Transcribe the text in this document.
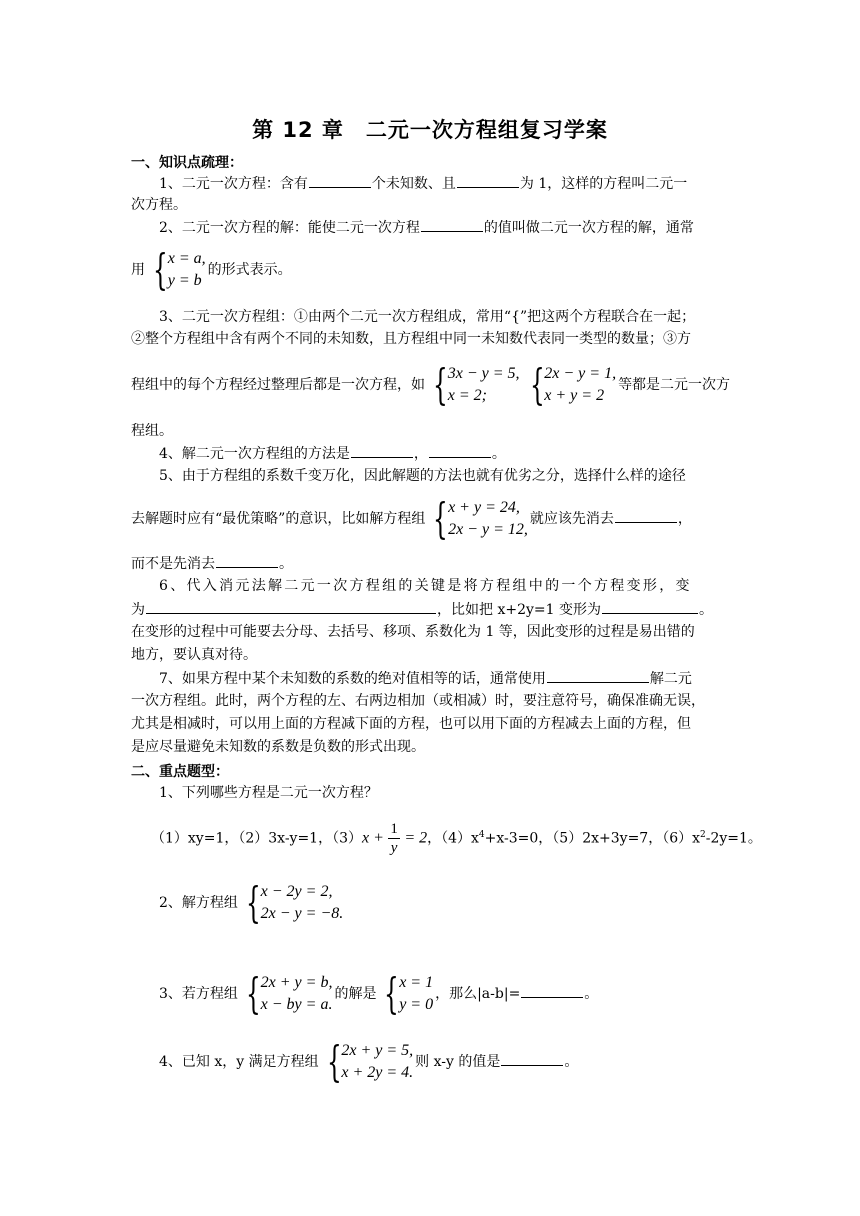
第 12 章　二元一次方程组复习学案
一、知识点疏理：
1、二元一次方程：含有	个未知数、且	为 1，这样的方程叫二元一
次方程。
2、二元一次方程的解：能使二元一次方程	的值叫做二元一次方程的解，通常
用 { x = a,
y = b
的形式表示。
3、二元一次方程组：①由两个二元一次方程组成，常用“{”把这两个方程联合在一起；
②整个方程组中含有两个不同的未知数，且方程组中同一未知数代表同一类型的数量；③方
程组中的每个方程经过整理后都是一次方程，如 { 3x − y = 5,
x = 2;	{ 2x − y = 1,
x + y = 2
等都是二元一次方
程组。
4、解二元一次方程组的方法是	，	。
5、由于方程组的系数千变万化，因此解题的方法也就有优劣之分，选择什么样的途径
去解题时应有“最优策略”的意识，比如解方程组 { x + y = 24,
2x − y = 12,
就应该先消去	，
而不是先消去	。
6、代入消元法解二元一次方程组的关键是将方程组中的一个方程变形，变
为	，比如把 x+2y=1 变形为	。
在变形的过程中可能要去分母、去括号、移项、系数化为 1 等，因此变形的过程是易出错的
地方，要认真对待。
7、如果方程中某个未知数的系数的绝对值相等的话，通常使用	解二元
一次方程组。此时，两个方程的左、右两边相加（或相减）时，要注意符号，确保准确无误，
尤其是相减时，可以用上面的方程减下面的方程，也可以用下面的方程减去上面的方程，但
是应尽量避免未知数的系数是负数的形式出现。
二、重点题型：
1、下列哪些方程是二元一次方程？
（1）xy=1，（2）3x-y=1，$(3)x + \frac{1}{y} = 2$，$(4)x^4+x-3=0$，（5）2x+3y=7，$(6)x^2-2y=1$。
2、解方程组 { x − 2y = 2,
2x − y = −8.
3、若方程组 { 2x + y = b,
x − by = a.
的解是 { x = 1
y = 0
，那么|a-b|=	。
4、已知 x，y 满足方程组 { 2x + y = 5,
x + 2y = 4.
则 x-y 的值是	。
